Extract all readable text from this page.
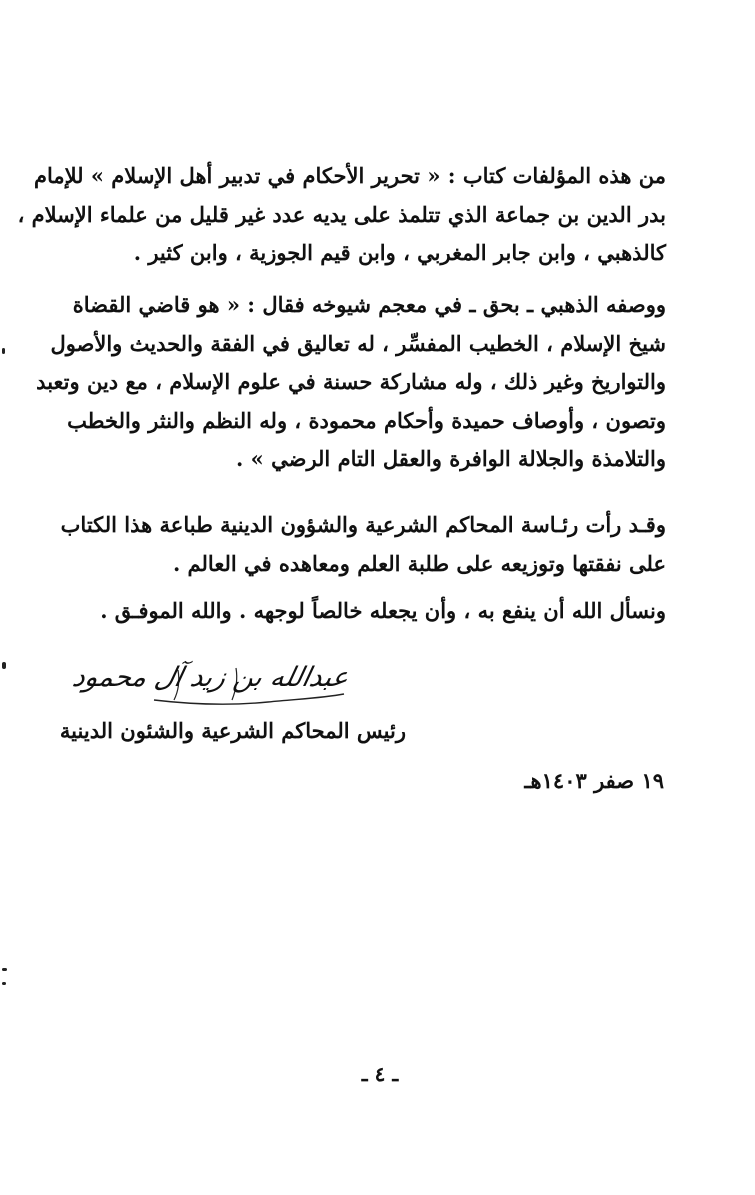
من هذه المؤلفات كتاب : « تحرير الأحكام في تدبير أهل الإسلام » للإمام
بدر الدين بن جماعة الذي تتلمذ على يديه عدد غير قليل من علماء الإسلام ،
كالذهبي ، وابن جابر المغربي ، وابن قيم الجوزية ، وابن كثير .
ووصفه الذهبي ـ بحق ـ في معجم شيوخه فقال : « هو قاضي القضاة
شيخ الإسلام ، الخطيب المفسِّر ، له تعاليق في الفقة والحديث والأصول
والتواريخ وغير ذلك ، وله مشاركة حسنة في علوم الإسلام ، مع دين وتعبد
وتصون ، وأوصاف حميدة وأحكام محمودة ، وله النظم والنثر والخطب
والتلامذة والجلالة الوافرة والعقل التام الرضي » .
وقـد رأت رئـاسة المحاكم الشرعية والشؤون الدينية طباعة هذا الكتاب
على نفقتها وتوزيعه على طلبة العلم ومعاهده في العالم .
ونسأل الله أن ينفع به ، وأن يجعله خالصاً لوجهه . والله الموفـق .
عبدالله بن زيد آل محمود
رئيس المحاكم الشرعية والشئون الدينية
١٩ صفر ١٤٠٣هـ
ـ ٤ ـ
